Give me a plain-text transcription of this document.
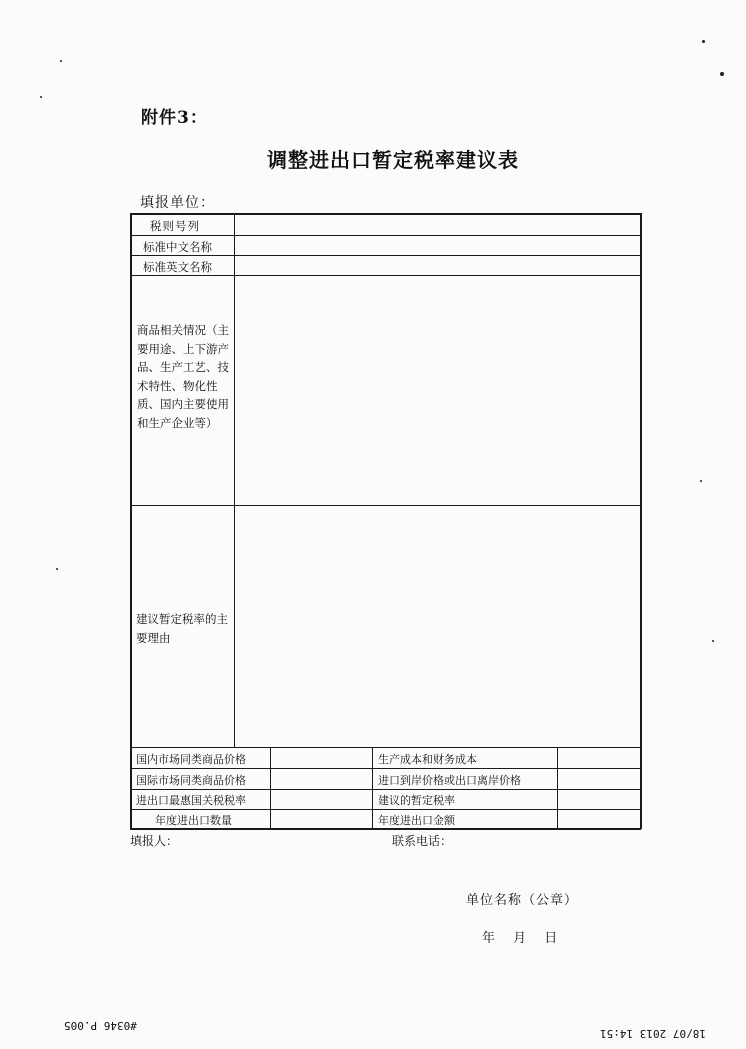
附件3：
调整进出口暂定税率建议表
填报单位：
税则号列
标准中文名称
标准英文名称
商品相关情况（主要用途、上下游产品、生产工艺、技术特性、物化性质、国内主要使用和生产企业等）
建议暂定税率的主要理由
国内市场同类商品价格	生产成本和财务成本
国际市场同类商品价格	进口到岸价格或出口离岸价格
进出口最惠国关税税率	建议的暂定税率
年度进出口数量	年度进出口金额
填报人：	联系电话：
单位名称（公章）
年 月 日
#0346 P.005
18/07 2013 14:51
